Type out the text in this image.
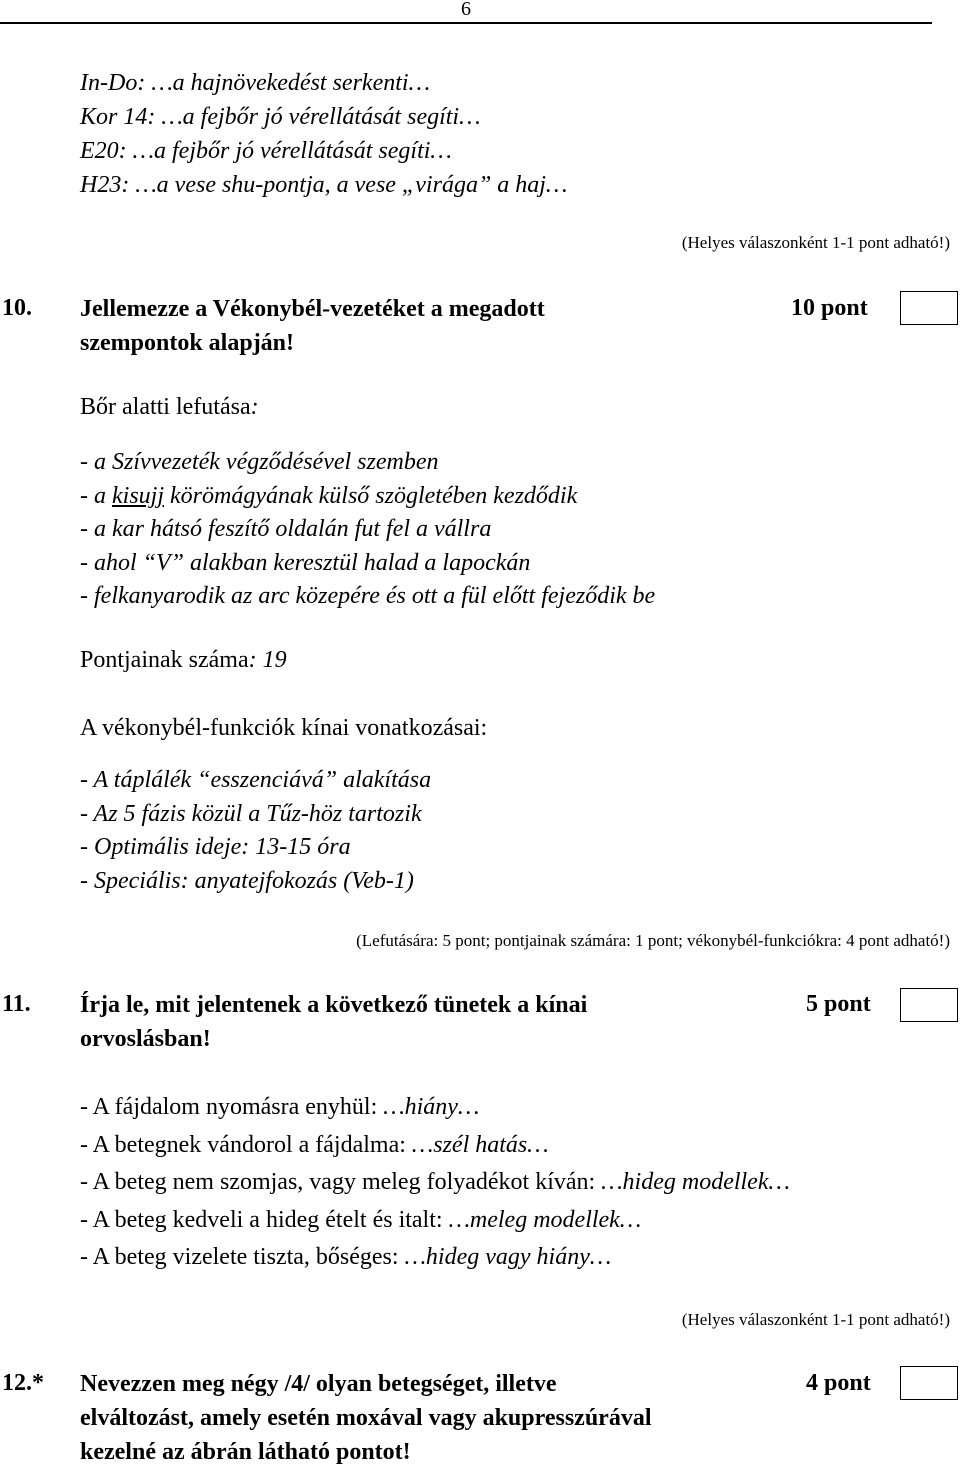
6
In-Do: …a hajnövekedést serkenti…
Kor 14: …a fejbőr jó vérellátását segíti…
E20: …a fejbőr jó vérellátását segíti…
H23: …a vese shu-pontja, a vese „virága” a haj…
(Helyes válaszonként 1-1 pont adható!)
10. Jellemezze a Vékonybél-vezetéket a megadott
szempontok alapján!
10 pont
Bőr alatti lefutása:
- a Szívvezeték végződésével szemben
- a kisujj körömágyának külső szögletében kezdődik
- a kar hátsó feszítő oldalán fut fel a vállra
- ahol “V” alakban keresztül halad a lapockán
- felkanyarodik az arc közepére és ott a fül előtt fejeződik be
Pontjainak száma: 19
A vékonybél-funkciók kínai vonatkozásai:
- A táplálék “esszenciává” alakítása
- Az 5 fázis közül a Tűz-höz tartozik
- Optimális ideje: 13-15 óra
- Speciális: anyatejfokozás (Veb-1)
(Lefutására: 5 pont; pontjainak számára: 1 pont; vékonybél-funkciókra: 4 pont adható!)
11. Írja le, mit jelentenek a következő tünetek a kínai
orvoslásban!
5 pont
- A fájdalom nyomásra enyhül: …hiány…
- A betegnek vándorol a fájdalma: …szél hatás…
- A beteg nem szomjas, vagy meleg folyadékot kíván: …hideg modellek…
- A beteg kedveli a hideg ételt és italt: …meleg modellek…
- A beteg vizelete tiszta, bőséges: …hideg vagy hiány…
(Helyes válaszonként 1-1 pont adható!)
12.* Nevezzen meg négy /4/ olyan betegséget, illetve
elváltozást, amely esetén moxával vagy akupresszúrával
kezelné az ábrán látható pontot!
4 pont
